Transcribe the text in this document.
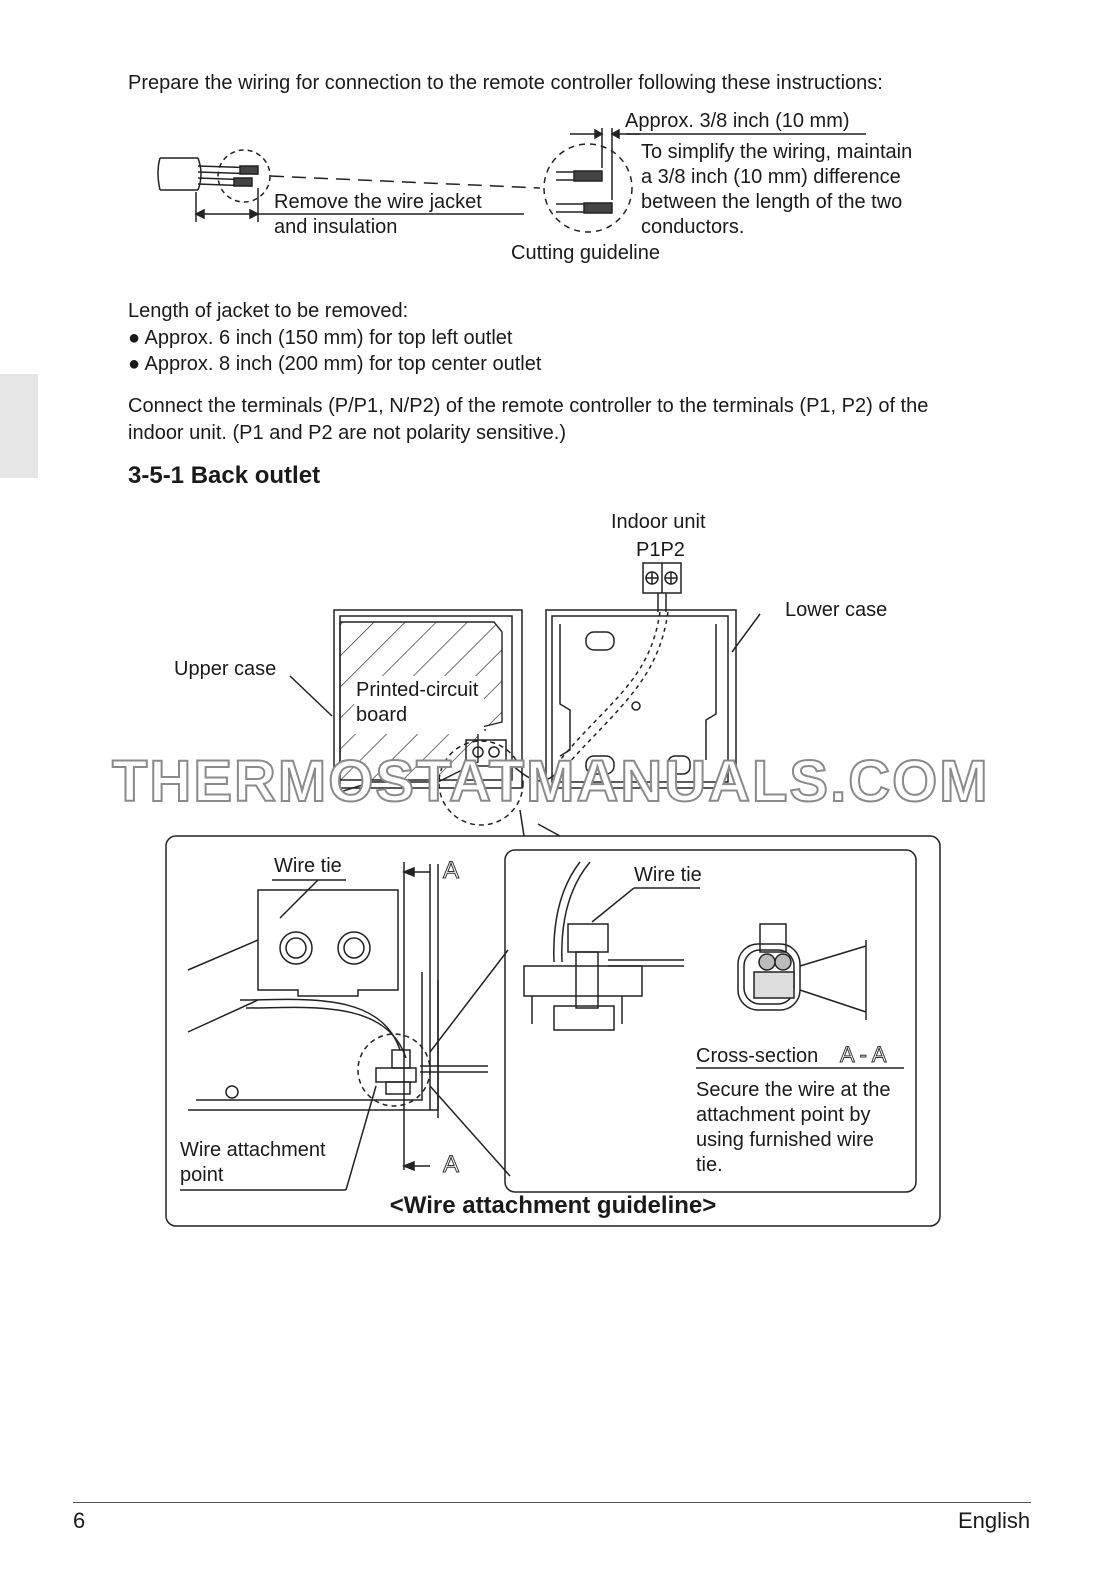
Prepare the wiring for connection to the remote controller following these instructions:
Approx. 3/8 inch (10 mm)
To simplify the wiring, maintain
a 3/8 inch (10 mm) difference
between the length of the two
conductors.
Remove the wire jacket
and insulation
Cutting guideline
Length of jacket to be removed:
● Approx. 6 inch (150 mm) for top left outlet
● Approx. 8 inch (200 mm) for top center outlet
Connect the terminals (P/P1, N/P2) of the remote controller to the terminals (P1, P2) of the
indoor unit. (P1 and P2 are not polarity sensitive.)
3-5-1 Back outlet
Indoor unit
P1P2
Lower case
Upper case
Printed-circuit
board
THERMOSTATMANUALS.COM
Wire tie	A
A
Wire attachment
point
Wire tie
Cross-section A - A
Secure the wire at the
attachment point by
using furnished wire
tie.
<Wire attachment guideline>
6	English
